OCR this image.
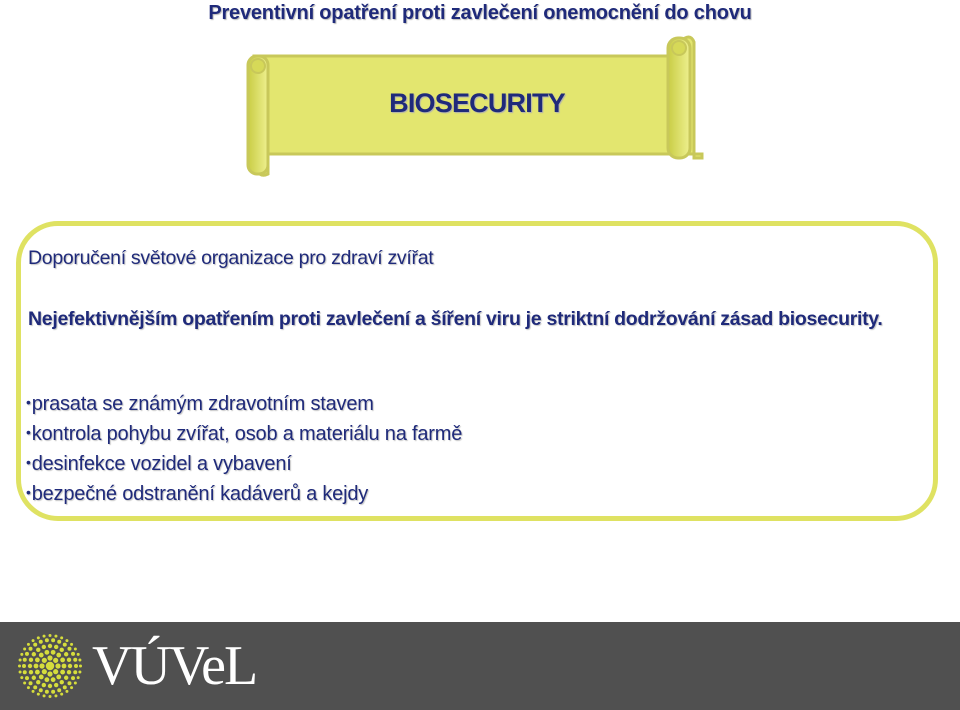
Preventivní opatření proti zavlečení onemocnění do chovu
BIOSECURITY
Doporučení světové organizace pro zdraví zvířat
Nejefektivnějším opatřením proti zavlečení a šíření viru je striktní dodržování zásad biosecurity.
•prasata se známým zdravotním stavem
•kontrola pohybu zvířat, osob a materiálu na farmě
•desinfekce vozidel a vybavení
•bezpečné odstranění kadáverů a kejdy
VÚVeL
